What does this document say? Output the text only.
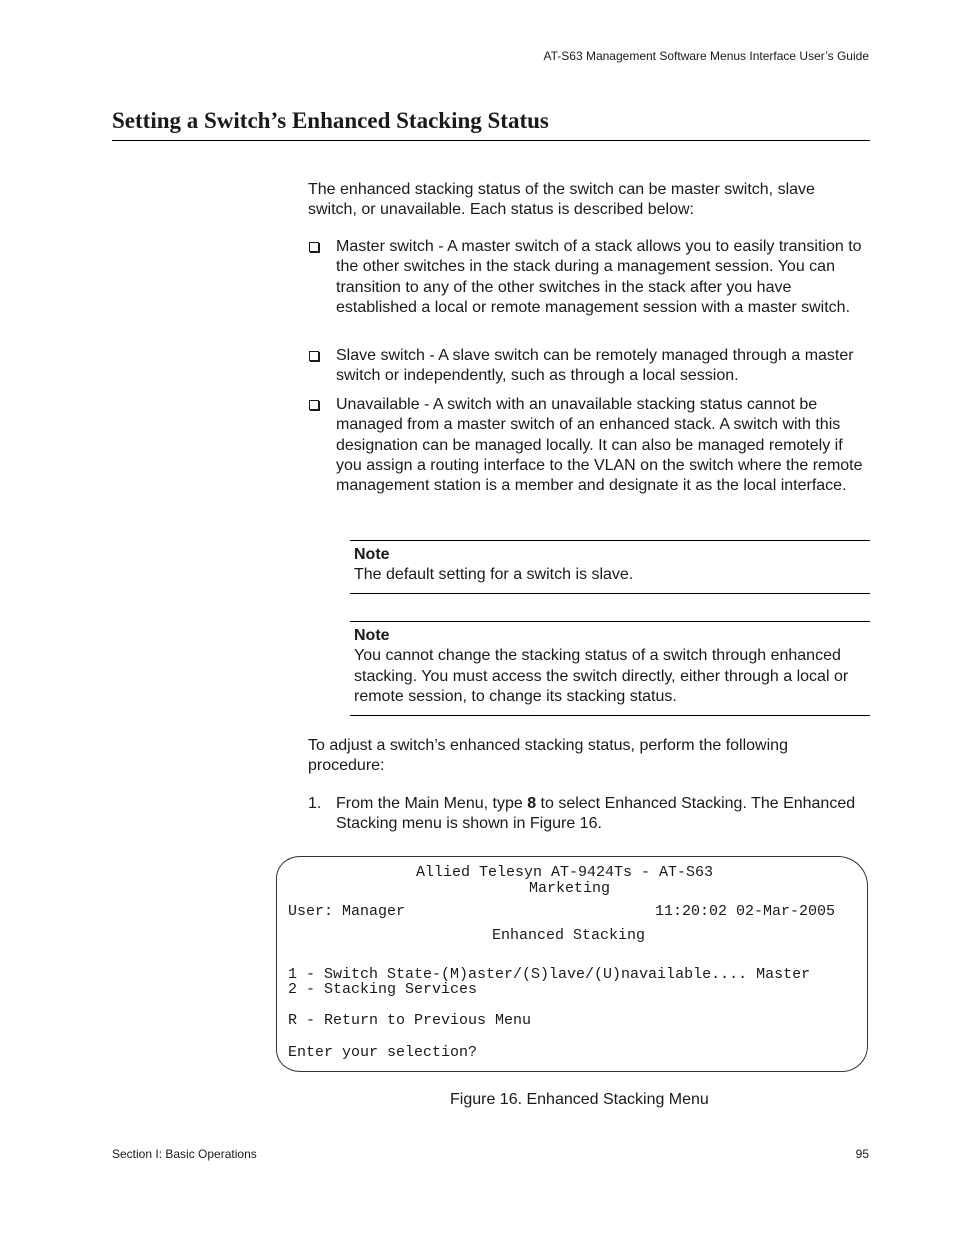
AT-S63 Management Software Menus Interface User’s Guide
Setting a Switch’s Enhanced Stacking Status

The enhanced stacking status of the switch can be master switch, slave switch, or unavailable. Each status is described below:

Master switch - A master switch of a stack allows you to easily transition to the other switches in the stack during a management session. You can transition to any of the other switches in the stack after you have established a local or remote management session with a master switch.

Slave switch - A slave switch can be remotely managed through a master switch or independently, such as through a local session.

Unavailable - A switch with an unavailable stacking status cannot be managed from a master switch of an enhanced stack. A switch with this designation can be managed locally. It can also be managed remotely if you assign a routing interface to the VLAN on the switch where the remote management station is a member and designate it as the local interface.

Note

The default setting for a switch is slave.

Note

You cannot change the stacking status of a switch through enhanced stacking. You must access the switch directly, either through a local or remote session, to change its stacking status.

To adjust a switch’s enhanced stacking status, perform the following procedure:

1. From the Main Menu, type 8 to select Enhanced Stacking. The Enhanced Stacking menu is shown in Figure 16.

Allied Telesyn AT-9424Ts - AT-S63
Marketing
User: Manager	11:20:02 02-Mar-2005
Enhanced Stacking
1 - Switch State-(M)aster/(S)lave/(U)navailable.... Master
2 - Stacking Services
R - Return to Previous Menu
Enter your selection?
Figure 16. Enhanced Stacking Menu
Section I: Basic Operations	95
